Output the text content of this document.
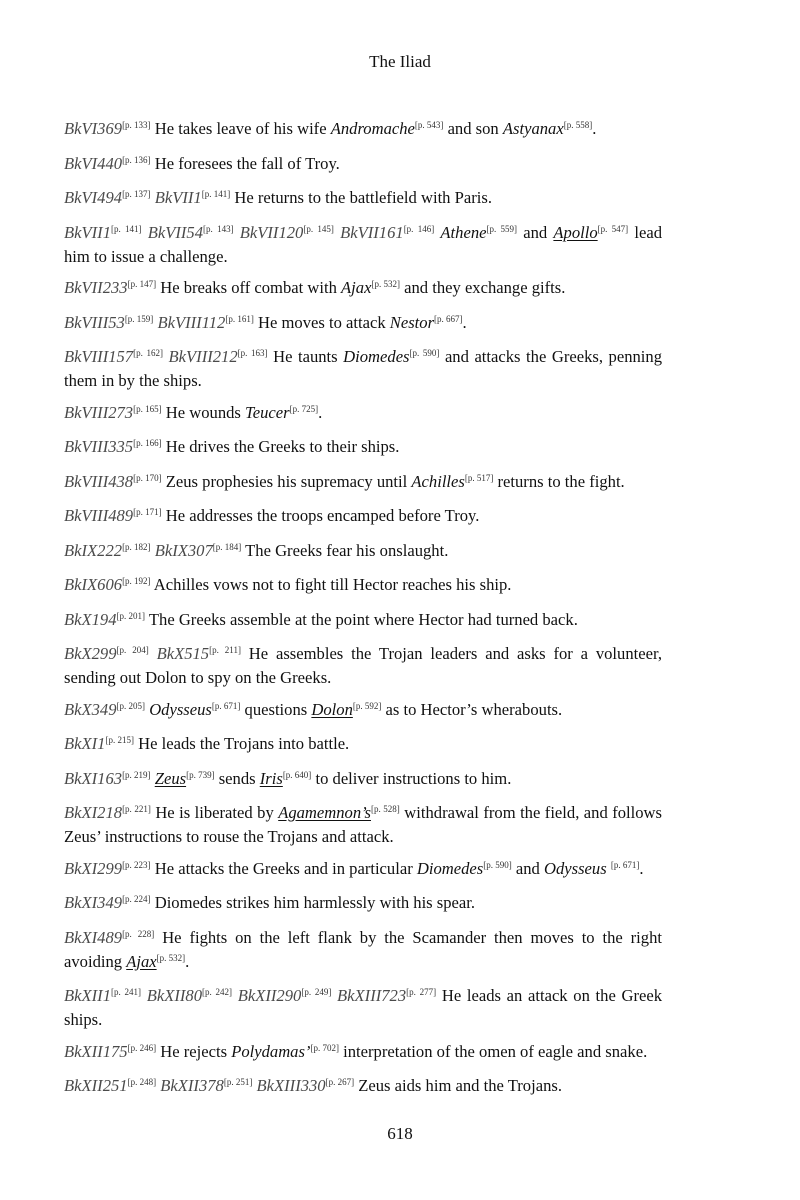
The Iliad

BkVI369[p. 133] He takes leave of his wife Andromache[p. 543] and son Astyanax[p. 558].

BkVI440[p. 136] He foresees the fall of Troy.

BkVI494[p. 137] BkVII1[p. 141] He returns to the battlefield with Paris.

BkVII1[p. 141] BkVII54[p. 143] BkVII120[p. 145] BkVII161[p. 146] Athene[p. 559] and Apollo[p. 547] lead him to issue a challenge.

BkVII233[p. 147] He breaks off combat with Ajax[p. 532] and they exchange gifts.

BkVIII53[p. 159] BkVIII112[p. 161] He moves to attack Nestor[p. 667].

BkVIII157[p. 162] BkVIII212[p. 163] He taunts Diomedes[p. 590] and attacks the Greeks, penning them in by the ships.

BkVIII273[p. 165] He wounds Teucer[p. 725].

BkVIII335[p. 166] He drives the Greeks to their ships.

BkVIII438[p. 170] Zeus prophesies his supremacy until Achilles[p. 517] returns to the fight.

BkVIII489[p. 171] He addresses the troops encamped before Troy.

BkIX222[p. 182] BkIX307[p. 184] The Greeks fear his onslaught.

BkIX606[p. 192] Achilles vows not to fight till Hector reaches his ship.

BkX194[p. 201] The Greeks assemble at the point where Hector had turned back.

BkX299[p. 204] BkX515[p. 211] He assembles the Trojan leaders and asks for a volunteer, sending out Dolon to spy on the Greeks.

BkX349[p. 205] Odysseus[p. 671] questions Dolon[p. 592] as to Hector’s wherabouts.

BkXI1[p. 215] He leads the Trojans into battle.

BkXI163[p. 219] Zeus[p. 739] sends Iris[p. 640] to deliver instructions to him.

BkXI218[p. 221] He is liberated by Agamemnon’s[p. 528] withdrawal from the field, and follows Zeus’ instructions to rouse the Trojans and attack.

BkXI299[p. 223] He attacks the Greeks and in particular Diomedes[p. 590] and Odysseus [p. 671].

BkXI349[p. 224] Diomedes strikes him harmlessly with his spear.

BkXI489[p. 228] He fights on the left flank by the Scamander then moves to the right avoiding Ajax[p. 532].

BkXII1[p. 241] BkXII80[p. 242] BkXII290[p. 249] BkXIII723[p. 277] He leads an attack on the Greek ships.

BkXII175[p. 246] He rejects Polydamas’[p. 702] interpretation of the omen of eagle and snake.

BkXII251[p. 248] BkXII378[p. 251] BkXIII330[p. 267] Zeus aids him and the Trojans.

618
